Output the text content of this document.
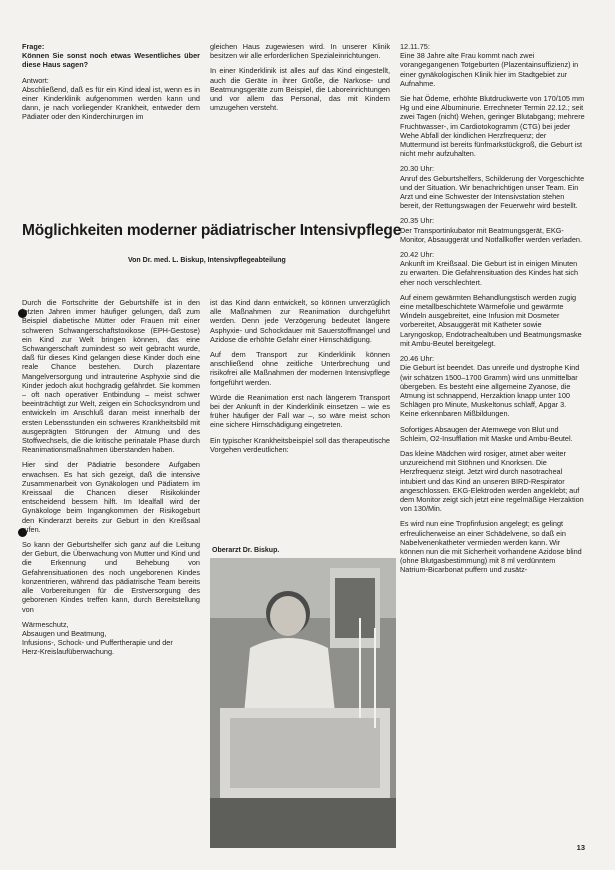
Frage:
Können Sie sonst noch etwas Wesentliches über diese Haus sagen?

Antwort:
Abschließend, daß es für ein Kind ideal ist, wenn es in einer Kinderklinik aufgenommen werden kann und dann, je nach vorliegender Krankheit, entweder dem Pädiater oder den Kinderchirurgen im

gleichen Haus zugewiesen wird. In unserer Klinik besitzen wir alle erforderlichen Spezialeinrichtungen.

In einer Kinderklinik ist alles auf das Kind eingestellt, auch die Geräte in ihrer Größe, die Narkose- und Beatmungsgeräte zum Beispiel, die Laboreinrichtungen und vor allem das Personal, das mit Kindern umzugehen versteht.

Möglichkeiten moderner pädiatrischer Intensivpflege
Von Dr. med. L. Biskup, Intensivpflegeabteilung

Durch die Fortschritte der Geburtshilfe ist in den letzten Jahren immer häufiger gelungen, daß zum Beispiel diabetische Mütter oder Frauen mit einer schweren Schwangerschaftstoxikose (EPH-Gestose) ein Kind zur Welt bringen können, das eine Schwangerschaft zumindest so weit gebracht wurde, daß für dieses Kind gelangen diese Kinder doch eine reale Chance bestehen. Durch plazentare Mangelversorgung und intrauterine Asphyxie sind die Kinder jedoch akut hochgradig gefährdet. Sie kommen – oft nach operativer Entbindung – meist schwer beeinträchtigt zur Welt, zeigen ein Schocksyndrom und entwickeln im Anschluß daran meist innerhalb der ersten Lebensstunden ein schweres Krankheitsbild mit ausgeprägten Störungen der Atmung und des Stoffwechsels, die die kritische perinatale Phase durch Reanimationsmaßnahmen überstanden haben.

Hier sind der Pädiatrie besondere Aufgaben erwachsen. Es hat sich gezeigt, daß die intensive Zusammenarbeit von Gynäkologen und Pädiatern im Kreissaal die Chancen dieser Risikokinder entscheidend bessern hilft. Im Idealfall wird der Gynäkologe beim Ingangkommen der Risikogeburt den Kinderarzt bereits zur Geburt in den Kreißsaal rufen.

So kann der Geburtshelfer sich ganz auf die Leitung der Geburt, die Überwachung von Mutter und Kind und die Erkennung und Behebung von Gefahrensituationen des noch ungeborenen Kindes konzentrieren, während das pädiatrische Team bereits alle Vorbereitungen für die Erstversorgung des geborenen Kindes treffen kann, durch Bereitstellung von

Wärmeschutz,
Absaugen und Beatmung,
Infusions-, Schock- und Puffertherapie und der
Herz-Kreislaufüberwachung.

ist das Kind dann entwickelt, so können unverzüglich alle Maßnahmen zur Reanimation durchgeführt werden. Denn jede Verzögerung bedeutet längere Asphyxie- und Schockdauer mit Sauerstoffmangel und Azidose die erhöhte Gefahr einer Hirnschädigung.

Auf dem Transport zur Kinderklinik können anschließend ohne zeitliche Unterbrechung und risikofrei alle Maßnahmen der modernen Intensivpflege fortgeführt werden.

Würde die Reanimation erst nach längerem Transport bei der Ankunft in der Kinderklinik einsetzen – wie es früher häufiger der Fall war –, so wäre meist schon eine sichere Hirnschädigung eingetreten.

Ein typischer Krankheitsbeispiel soll das therapeutische Vorgehen verdeutlichen:

Oberarzt Dr. Biskup.

12.11.75:
Eine 38 Jahre alte Frau kommt nach zwei vorangegangenen Totgeburten (Plazentainsuffizienz) in einer gynäkologischen Klinik hier im Stadtgebiet zur Aufnahme.

Sie hat Ödeme, erhöhte Blutdruckwerte von 170/105 mm Hg und eine Albuminurie. Errechneter Termin 22.12.; seit zwei Tagen (nicht) Wehen, geringer Blutabgang; mehrere Fruchtwasser-, im Cardiotokogramm (CTG) bei jeder Wehe Abfall der kindlichen Herzfrequenz; der Muttermund ist bereits fünfmarkstückgroß, die Geburt ist nicht mehr aufzuhalten.

20.30 Uhr:
Anruf des Geburtshelfers, Schilderung der Vorgeschichte und der Situation. Wir benachrichtigen unser Team. Ein Arzt und eine Schwester der Intensivstation stehen bereit, der Rettungswagen der Feuerwehr wird bestellt.

20.35 Uhr:
Der Transportinkubator mit Beatmungsgerät, EKG-Monitor, Absauggerät und Notfallkoffer werden verladen.

20.42 Uhr:
Ankunft im Kreißsaal. Die Geburt ist in einigen Minuten zu erwarten. Die Gefahrensituation des Kindes hat sich eher noch verschlechtert.

Auf einem gewärmten Behandlungstisch werden zugig eine metallbeschichtete Wärmefolie und gewärmte Windeln ausgebreitet, eine Infusion mit Dosmeter vorbereitet, Absauggerät mit Katheter sowie Laryngoskop, Endotrachealtuben und Beatmungsmaske mit Ambu-Beutel bereitgelegt.

20.46 Uhr:
Die Geburt ist beendet. Das unreife und dystrophe Kind (wir schätzen 1500–1700 Gramm) wird uns unmittelbar übergeben. Es besteht eine allgemeine Zyanose, die Atmung ist schnappend, Herzaktion knapp unter 100 Schlägen pro Minute, Muskeltonus schlaff, Apgar 3. Keine erkennbaren Mißbildungen.

Sofortiges Absaugen der Atemwege von Blut und Schleim, O2-Insufflation mit Maske und Ambu-Beutel.

Das kleine Mädchen wird rosiger, atmet aber weiter unzureichend mit Stöhnen und Knorksen. Die Herzfrequenz steigt. Jetzt wird durch nasotracheal intubiert und das Kind an unseren BIRD-Respirator angeschlossen. EKG-Elektroden werden angeklebt; auf dem Monitor zeigt sich jetzt eine regelmäßige Herzaktion von 130/Min.

Es wird nun eine Tropfinfusion angelegt; es gelingt erfreulicherweise an einer Schädelvene, so daß ein Nabelvenenkatheter vermieden werden kann. Wir können nun die mit Sicherheit vorhandene Azidose blind (ohne Blutgasbestimmung) mit 8 ml verdünntem Natrium-Bicarbonat puffern und zusätz-

13
